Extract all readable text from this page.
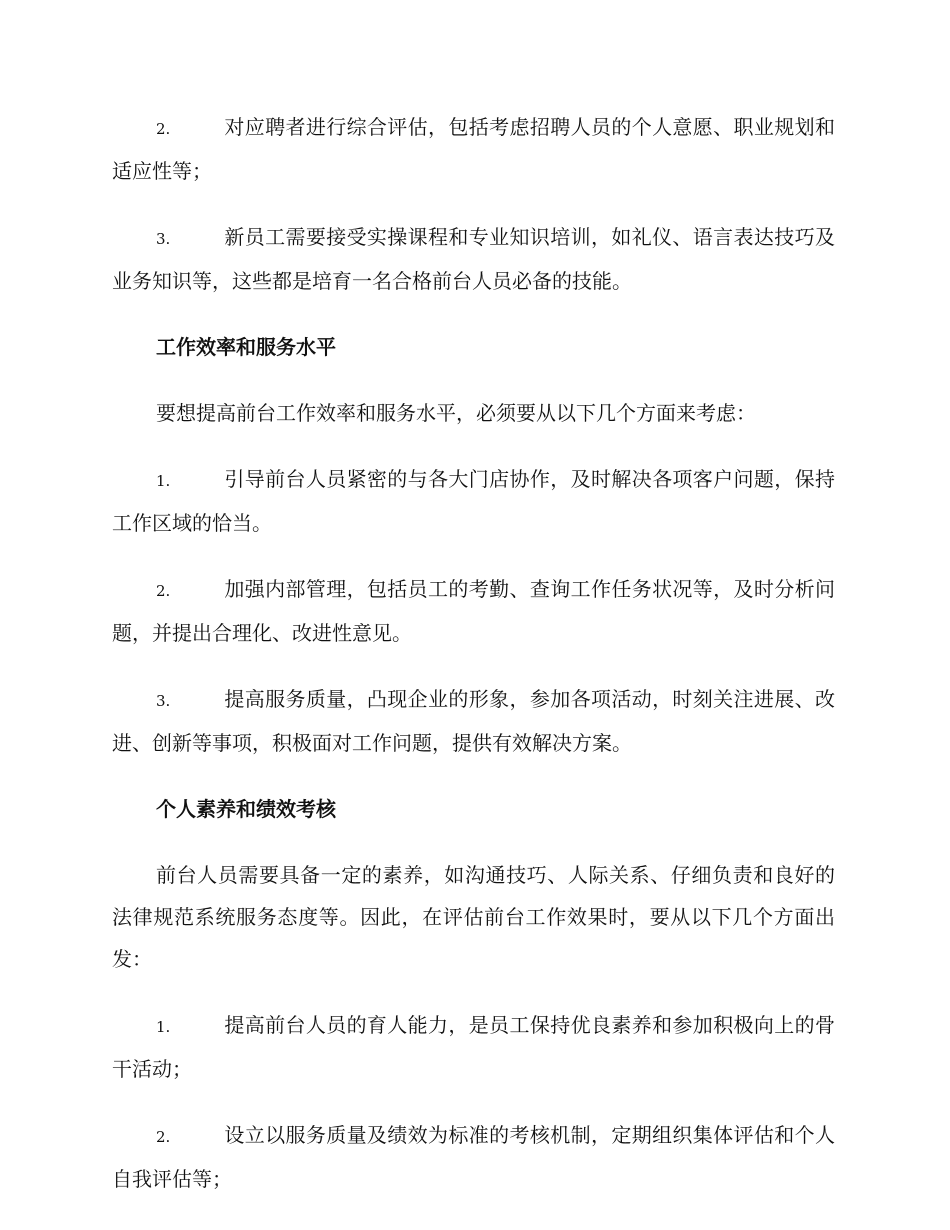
2.	对应聘者进行综合评估，包括考虑招聘人员的个人意愿、职业规划和适应性等；

3.	新员工需要接受实操课程和专业知识培训，如礼仪、语言表达技巧及业务知识等，这些都是培育一名合格前台人员必备的技能。

工作效率和服务水平

要想提高前台工作效率和服务水平，必须要从以下几个方面来考虑：

1.	引导前台人员紧密的与各大门店协作，及时解决各项客户问题，保持工作区域的恰当。

2.	加强内部管理，包括员工的考勤、查询工作任务状况等，及时分析问题，并提出合理化、改进性意见。

3.	提高服务质量，凸现企业的形象，参加各项活动，时刻关注进展、改进、创新等事项，积极面对工作问题，提供有效解决方案。

个人素养和绩效考核

前台人员需要具备一定的素养，如沟通技巧、人际关系、仔细负责和良好的法律规范系统服务态度等。因此，在评估前台工作效果时，要从以下几个方面出发：

1.	提高前台人员的育人能力，是员工保持优良素养和参加积极向上的骨干活动；

2.	设立以服务质量及绩效为标准的考核机制，定期组织集体评估和个人自我评估等；
